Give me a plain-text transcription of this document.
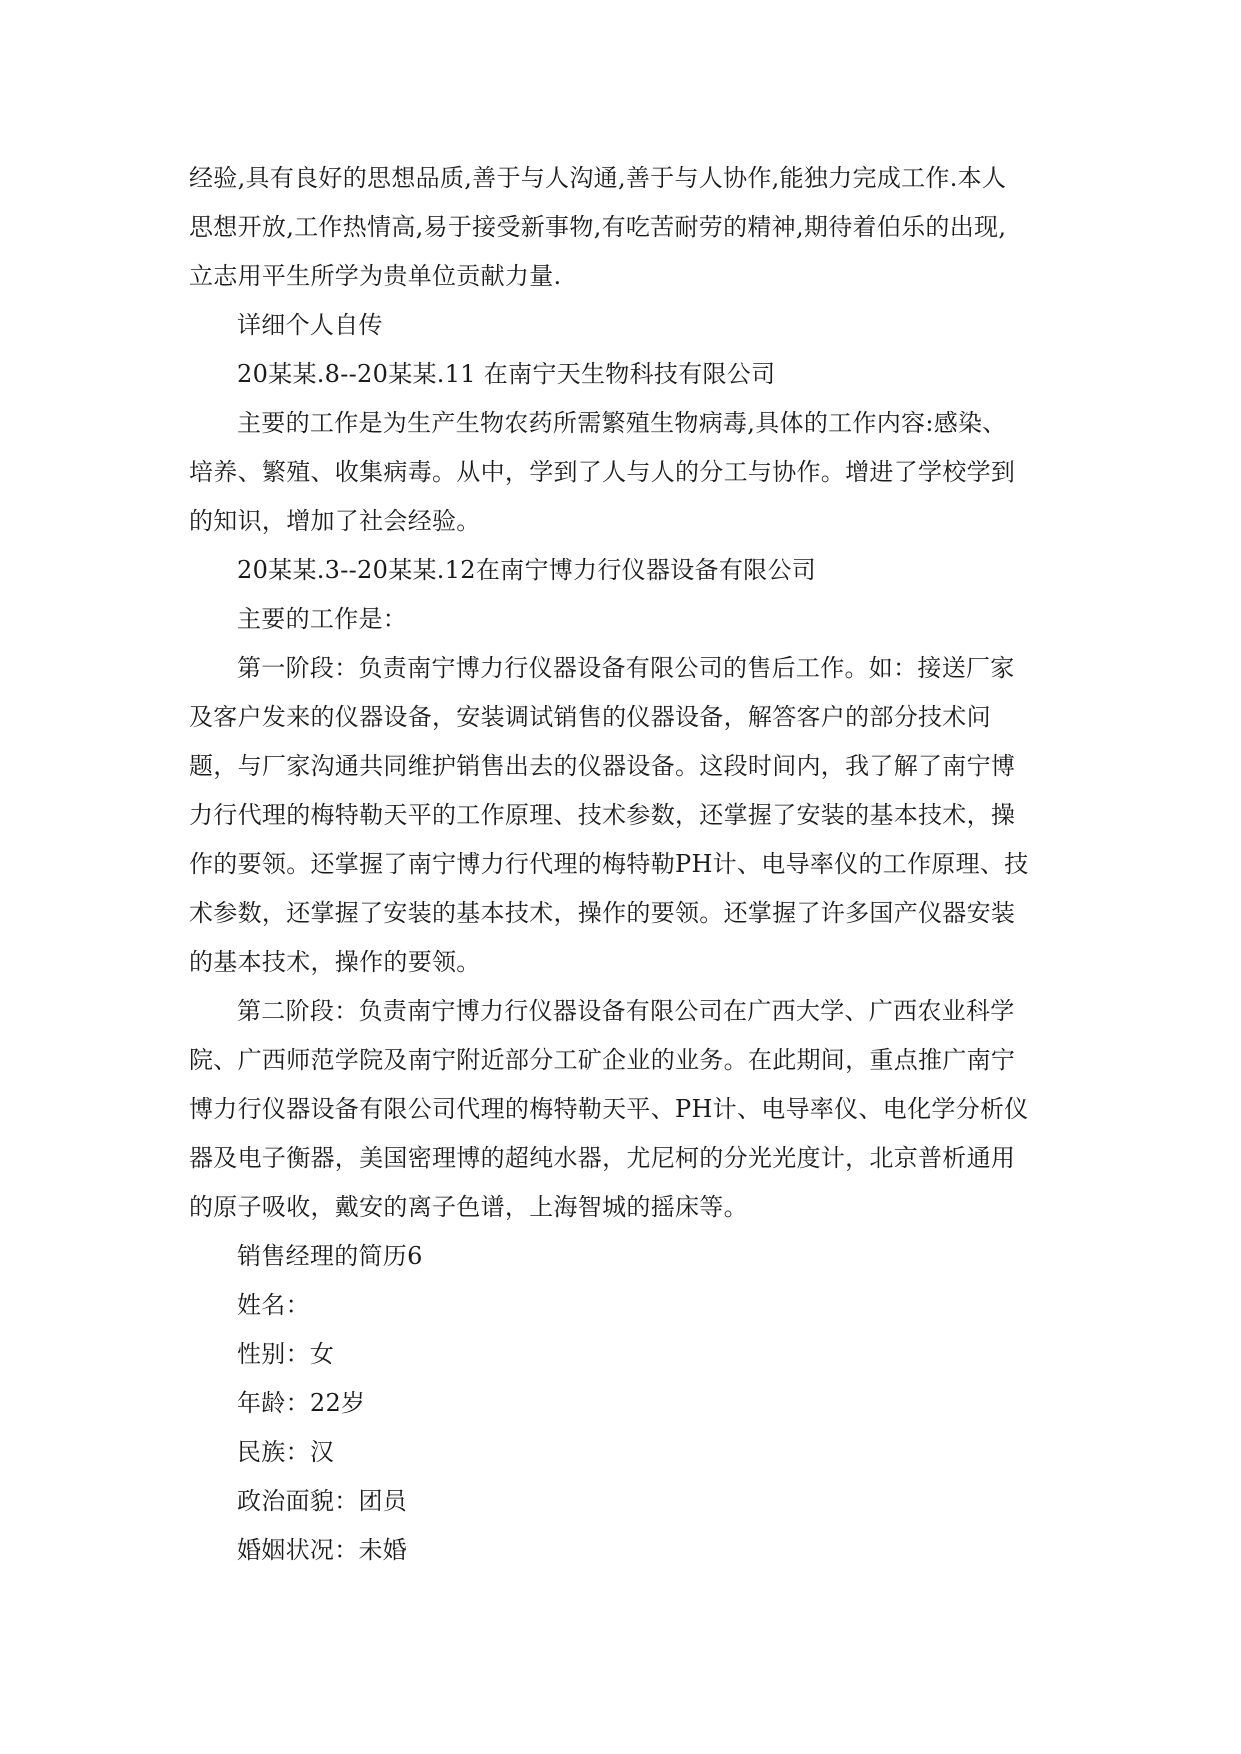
经验,具有良好的思想品质,善于与人沟通,善于与人协作,能独力完成工作.本人
思想开放,工作热情高,易于接受新事物,有吃苦耐劳的精神,期待着伯乐的出现,
立志用平生所学为贵单位贡献力量.
详细个人自传
20某某.8--20某某.11 在南宁天生物科技有限公司
主要的工作是为生产生物农药所需繁殖生物病毒,具体的工作内容:感染、
培养、繁殖、收集病毒。从中，学到了人与人的分工与协作。增进了学校学到
的知识，增加了社会经验。
20某某.3--20某某.12在南宁博力行仪器设备有限公司
主要的工作是：
第一阶段：负责南宁博力行仪器设备有限公司的售后工作。如：接送厂家
及客户发来的仪器设备，安装调试销售的仪器设备，解答客户的部分技术问
题，与厂家沟通共同维护销售出去的仪器设备。这段时间内，我了解了南宁博
力行代理的梅特勒天平的工作原理、技术参数，还掌握了安装的基本技术，操
作的要领。还掌握了南宁博力行代理的梅特勒PH计、电导率仪的工作原理、技
术参数，还掌握了安装的基本技术，操作的要领。还掌握了许多国产仪器安装
的基本技术，操作的要领。
第二阶段：负责南宁博力行仪器设备有限公司在广西大学、广西农业科学
院、广西师范学院及南宁附近部分工矿企业的业务。在此期间，重点推广南宁
博力行仪器设备有限公司代理的梅特勒天平、PH计、电导率仪、电化学分析仪
器及电子衡器，美国密理博的超纯水器，尤尼柯的分光光度计，北京普析通用
的原子吸收，戴安的离子色谱，上海智城的摇床等。
销售经理的简历6
姓名：
性别：女
年龄：22岁
民族：汉
政治面貌：团员
婚姻状况：未婚
